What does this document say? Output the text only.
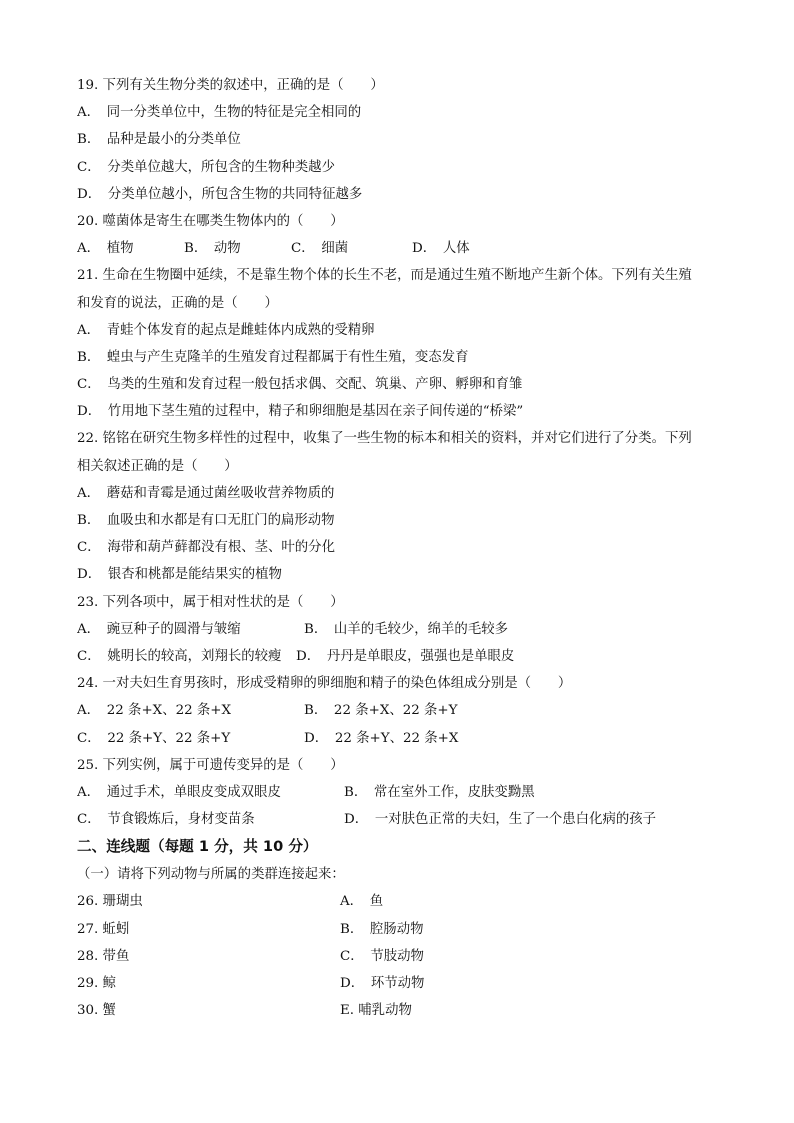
19. 下列有关生物分类的叙述中，正确的是（　　）
A．　同一分类单位中，生物的特征是完全相同的
B．　品种是最小的分类单位
C．　分类单位越大，所包含的生物种类越少
D．　分类单位越小，所包含生物的共同特征越多
20. 噬菌体是寄生在哪类生物体内的（　　）
A．　植物	B．　动物	C．　细菌	D．　人体
21. 生命在生物圈中延续，不是靠生物个体的长生不老，而是通过生殖不断地产生新个体。下列有关生殖
和发育的说法，正确的是（　　）
A．　青蛙个体发育的起点是雌蛙体内成熟的受精卵
B．　蝗虫与产生克隆羊的生殖发育过程都属于有性生殖，变态发育
C．　鸟类的生殖和发育过程一般包括求偶、交配、筑巢、产卵、孵卵和育雏
D．　竹用地下茎生殖的过程中，精子和卵细胞是基因在亲子间传递的“桥梁”
22. 铭铭在研究生物多样性的过程中，收集了一些生物的标本和相关的资料，并对它们进行了分类。下列
相关叙述正确的是（　　）
A．　蘑菇和青霉是通过菌丝吸收营养物质的
B．　血吸虫和水都是有口无肛门的扁形动物
C．　海带和葫芦藓都没有根、茎、叶的分化
D．　银杏和桃都是能结果实的植物
23. 下列各项中，属于相对性状的是（　　）
A．　豌豆种子的圆滑与皱缩	B．　山羊的毛较少，绵羊的毛较多
C．　姚明长的较高，刘翔长的较瘦	D．　丹丹是单眼皮，强强也是单眼皮
24. 一对夫妇生育男孩时，形成受精卵的卵细胞和精子的染色体组成分别是（　　）
A．　22 条+X、22 条+X	B．　22 条+X、22 条+Y
C．　22 条+Y、22 条+Y	D．　22 条+Y、22 条+X
25. 下列实例，属于可遗传变异的是（　　）
A．　通过手术，单眼皮变成双眼皮	B．　常在室外工作，皮肤变黝黑
C．　节食锻炼后，身材变苗条	D．　一对肤色正常的夫妇，生了一个患白化病的孩子
二、连线题（每题 1 分，共 10 分）
（一）请将下列动物与所属的类群连接起来：
26. 珊瑚虫	A．　鱼
27. 蚯蚓	B．　腔肠动物
28. 带鱼	C．　节肢动物
29. 鲸	D．　环节动物
30. 蟹	E. 哺乳动物
